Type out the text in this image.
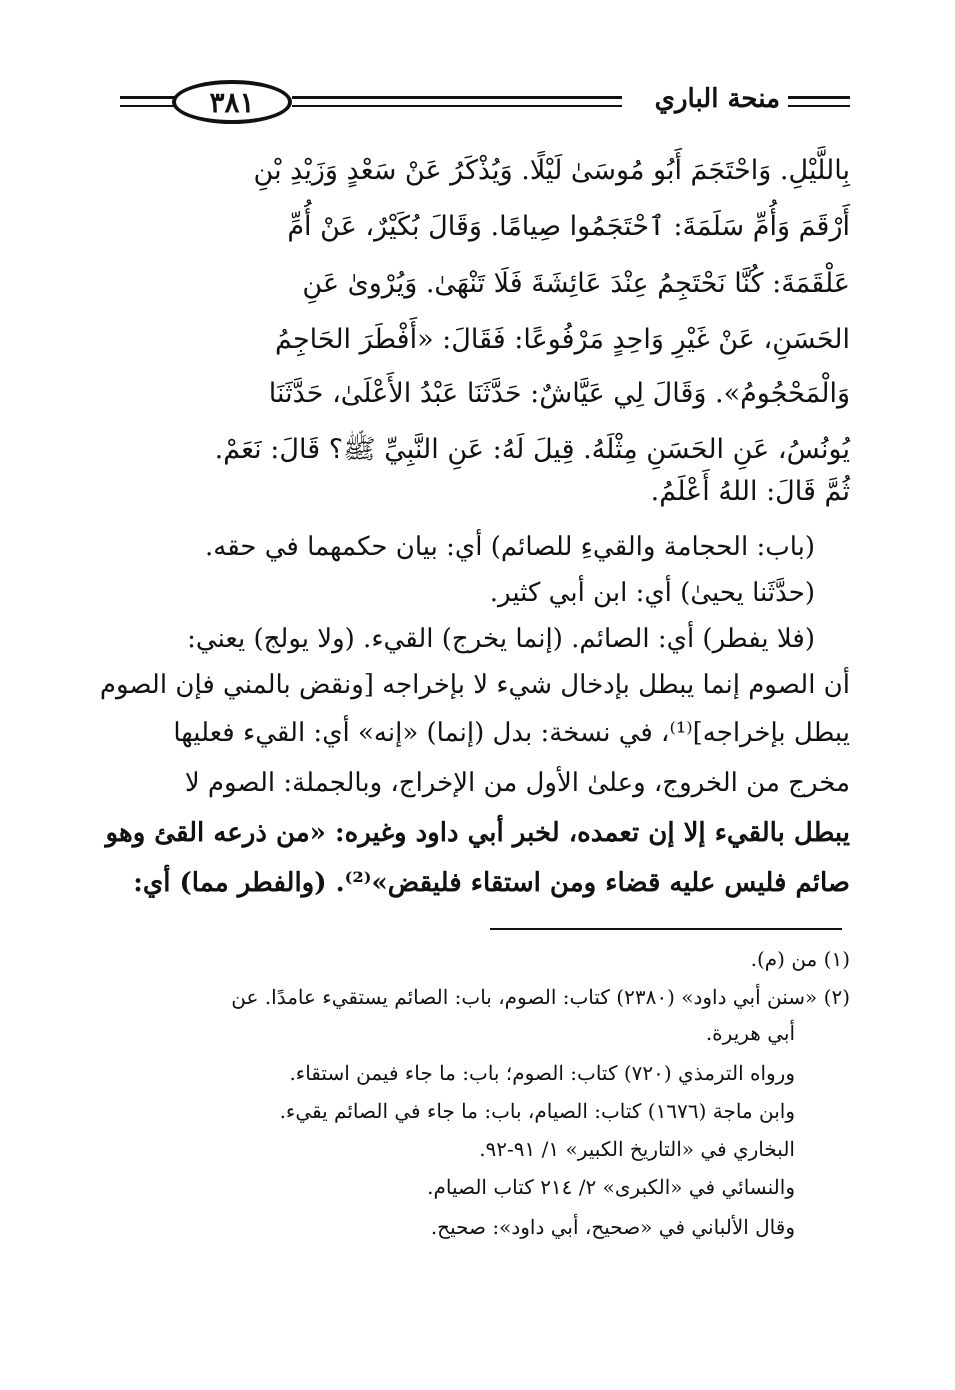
٣٨١	منحة الباري
بِاللَّيْلِ. وَاحْتَجَمَ أَبُو مُوسَىٰ لَيْلًا. وَيُذْكَرُ عَنْ سَعْدٍ وَزَيْدِ بْنِ
أَرْقَمَ وَأُمِّ سَلَمَةَ: ٱحْتَجَمُوا صِيامًا. وَقَالَ بُكَيْرٌ، عَنْ أُمِّ
عَلْقَمَةَ: كُنَّا نَحْتَجِمُ عِنْدَ عَائِشَةَ فَلَا تَنْهَىٰ. وَيُرْوىٰ عَنِ
الحَسَنِ، عَنْ غَيْرِ وَاحِدٍ مَرْفُوعًا: فَقَالَ: «أَفْطَرَ الحَاجِمُ
وَالْمَحْجُومُ». وَقَالَ لِي عَيَّاشٌ: حَدَّثَنَا عَبْدُ الأَعْلَىٰ، حَدَّثَنَا
يُونُسُ، عَنِ الحَسَنِ مِثْلَهُ. قِيلَ لَهُ: عَنِ النَّبِيِّ ﷺ؟ قَالَ: نَعَمْ.
ثُمَّ قَالَ: اللهُ أَعْلَمُ.
(باب: الحجامة والقيءِ للصائم) أي: بيان حكمهما في حقه.
(حدَّثَنا يحيىٰ) أي: ابن أبي كثير.
(فلا يفطر) أي: الصائم. (إنما يخرج) القيء. (ولا يولج) يعني:
أن الصوم إنما يبطل بإدخال شيء لا بإخراجه [ونقض بالمني فإن الصوم
يبطل بإخراجه]⁽¹⁾، في نسخة: بدل (إنما) «إنه» أي: القيء فعليها
مخرج من الخروج، وعلىٰ الأول من الإخراج، وبالجملة: الصوم لا
يبطل بالقيء إلا إن تعمده، لخبر أبي داود وغيره: «من ذرعه القئ وهو
صائم فليس عليه قضاء ومن استقاء فليقض»⁽²⁾. (والفطر مما) أي:
(١) من (م).
(٢) «سنن أبي داود» (٢٣٨٠) كتاب: الصوم، باب: الصائم يستقيء عامدًا. عن
أبي هريرة.
ورواه الترمذي (٧٢٠) كتاب: الصوم؛ باب: ما جاء فيمن استقاء.
وابن ماجة (١٦٧٦) كتاب: الصيام، باب: ما جاء في الصائم يقيء.
البخاري في «التاريخ الكبير» ١/ ٩١-٩٢.
والنسائي في «الكبرى» ٢/ ٢١٤ كتاب الصيام.
وقال الألباني في «صحيح، أبي داود»: صحيح.
